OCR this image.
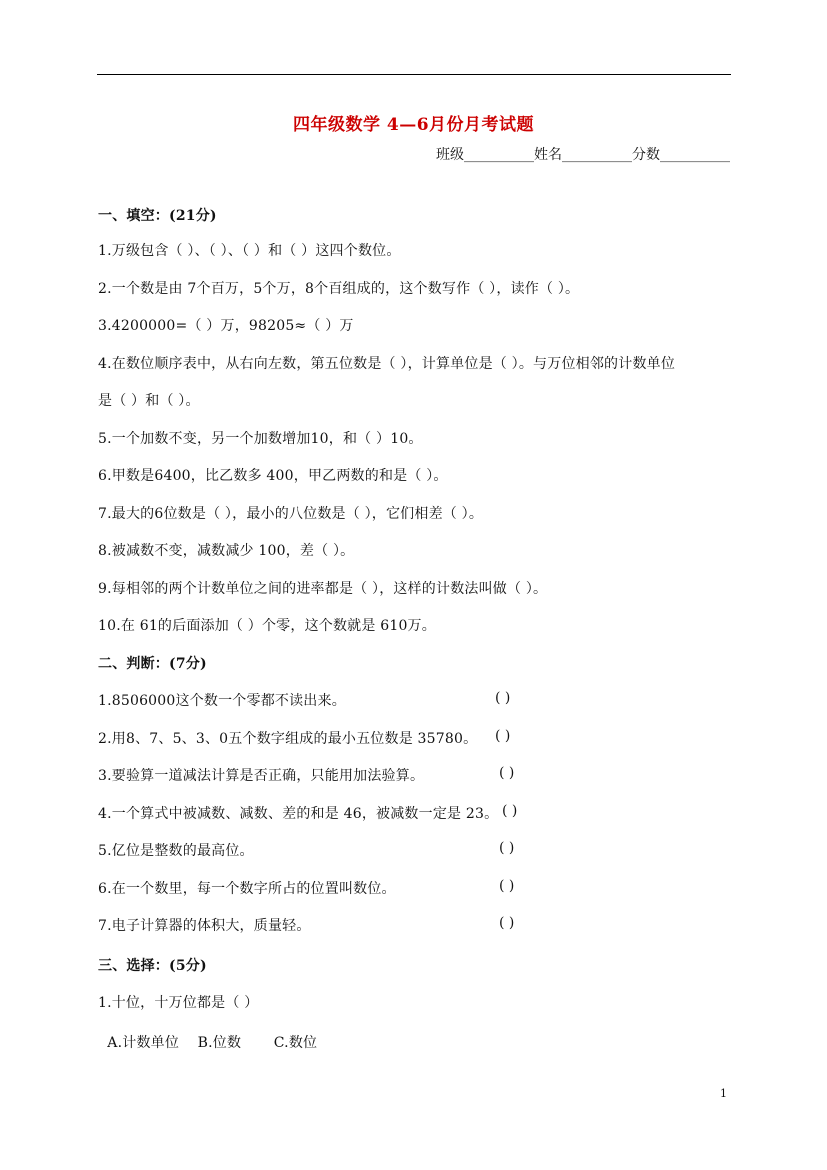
四年级数学 4—6月份月考试题
班级__________姓名__________分数__________
一、填空：(21分)
1.万级包含（ ）、（ ）、（ ）和（ ）这四个数位。
2.一个数是由 7个百万，5个万，8个百组成的，这个数写作（ ），读作（ ）。
3.4200000=（ ）万，98205≈（ ）万
4.在数位顺序表中，从右向左数，第五位数是（ ），计算单位是（ ）。与万位相邻的计数单位
是（ ）和（ ）。
5.一个加数不变，另一个加数增加10，和（ ）10。
6.甲数是6400，比乙数多 400，甲乙两数的和是（ ）。
7.最大的6位数是（ ），最小的八位数是（ ），它们相差（ ）。
8.被减数不变，减数减少 100，差（ ）。
9.每相邻的两个计数单位之间的进率都是（ ），这样的计数法叫做（ ）。
10.在 61的后面添加（ ）个零，这个数就是 610万。
二、判断：(7分)
1.8506000这个数一个零都不读出来。	( )
2.用8、7、5、3、0五个数字组成的最小五位数是 35780。 ( )
3.要验算一道减法计算是否正确，只能用加法验算。	( )
4.一个算式中被减数、减数、差的和是 46，被减数一定是 23。 ( )
5.亿位是整数的最高位。	( )
6.在一个数里，每一个数字所占的位置叫数位。	( )
7.电子计算器的体积大，质量轻。	( )
三、选择：(5分)
1.十位，十万位都是（ ）
A.计数单位    B.位数       C.数位
1
